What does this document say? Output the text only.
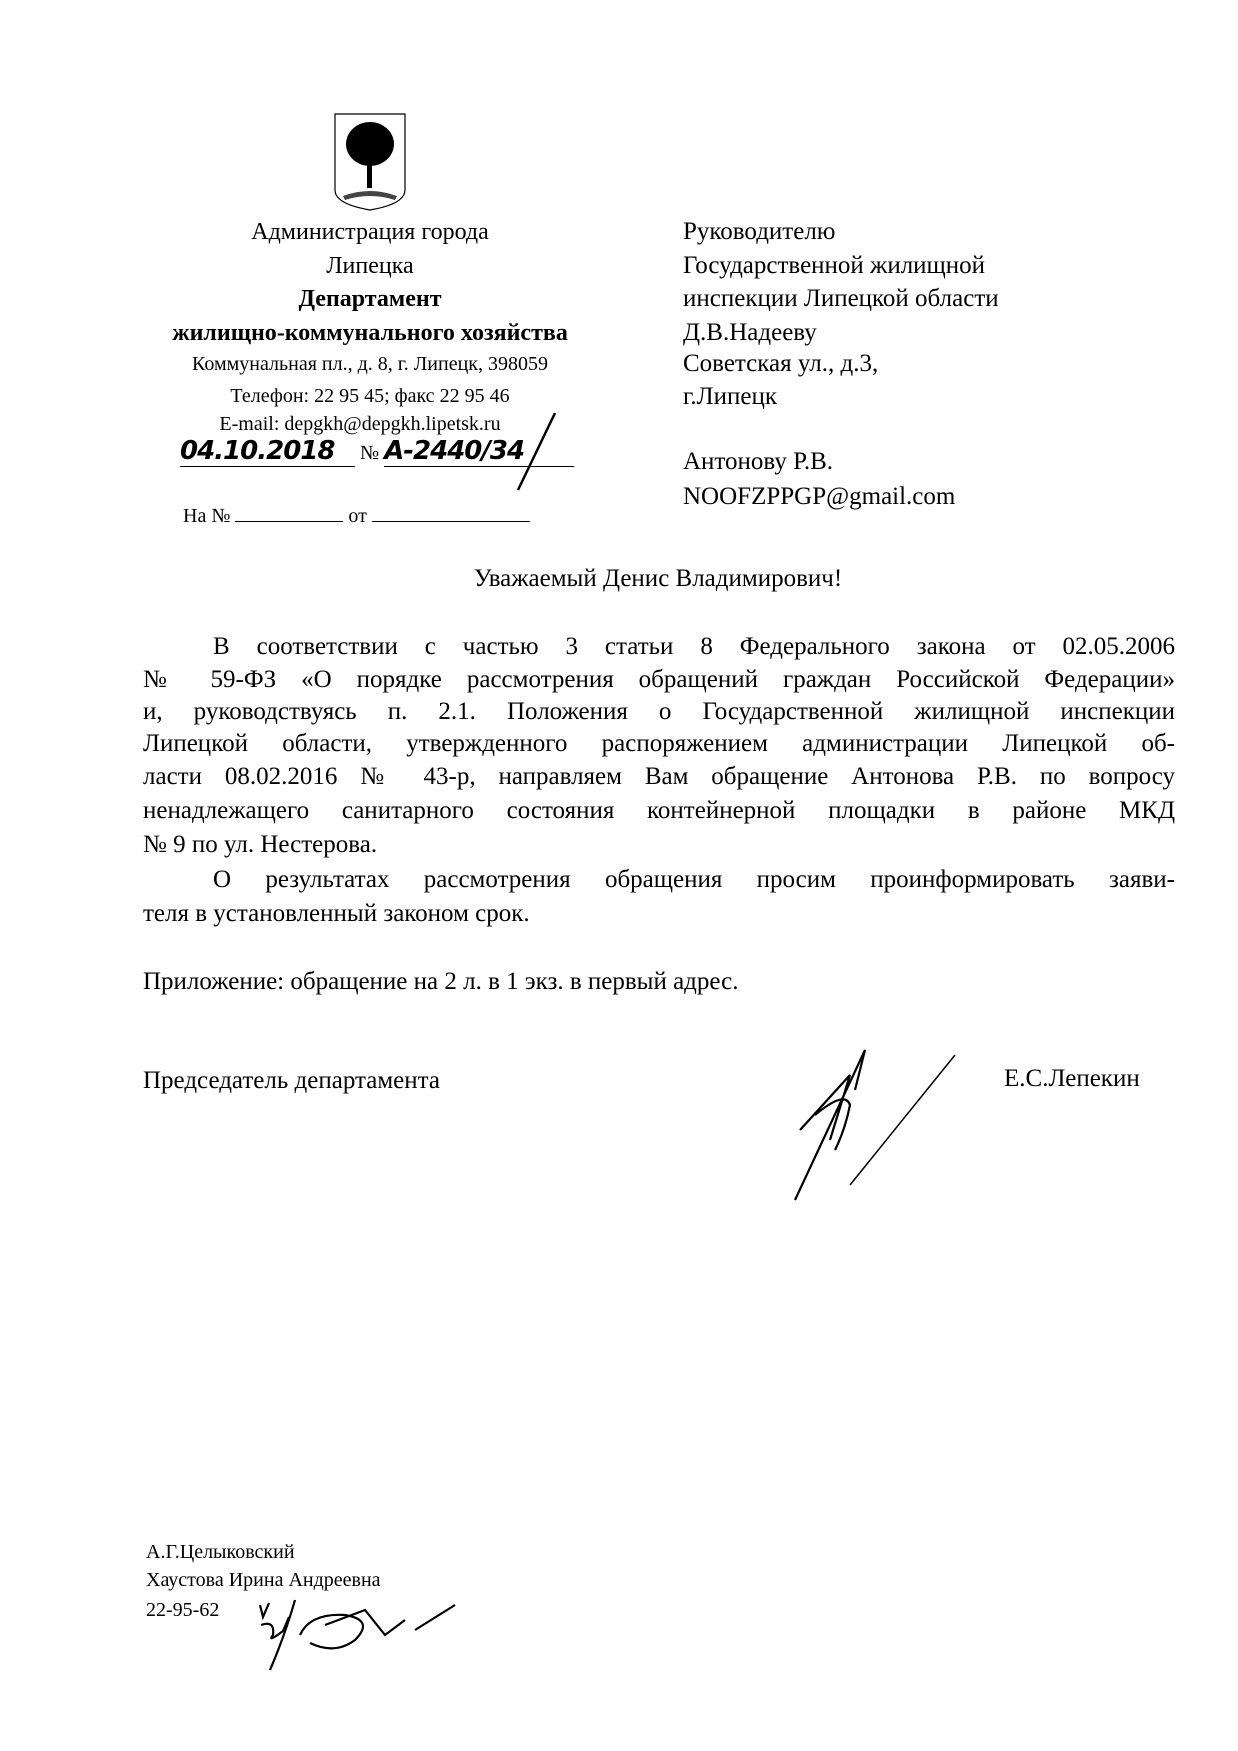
Администрация города
Липецка
Департамент
жилищно-коммунального хозяйства
Коммунальная пл., д. 8, г. Липецк, 398059
Телефон: 22 95 45; факс 22 95 46
E-mail: depgkh@depgkh.lipetsk.ru
04.10.2018 № А-2440/34
На №	от
Руководителю
Государственной жилищной
инспекции Липецкой области
Д.В.Надееву
Советская ул., д.3,
г.Липецк
Антонову Р.В.
NOOFZPPGP@gmail.com
Уважаемый Денис Владимирович!
В соответствии с частью 3 статьи 8 Федерального закона от 02.05.2006
№ 59-ФЗ «О порядке рассмотрения обращений граждан Российской Федерации»
и, руководствуясь п. 2.1. Положения о Государственной жилищной инспекции
Липецкой области, утвержденного распоряжением администрации Липецкой об-
ласти 08.02.2016 № 43-р, направляем Вам обращение Антонова Р.В. по вопросу
ненадлежащего санитарного состояния контейнерной площадки в районе МКД
№ 9 по ул. Нестерова.
О результатах рассмотрения обращения просим проинформировать заяви-
теля в установленный законом срок.
Приложение: обращение на 2 л. в 1 экз. в первый адрес.
Председатель департамента	Е.С.Лепекин
А.Г.Целыковский
Хаустова Ирина Андреевна
22-95-62
